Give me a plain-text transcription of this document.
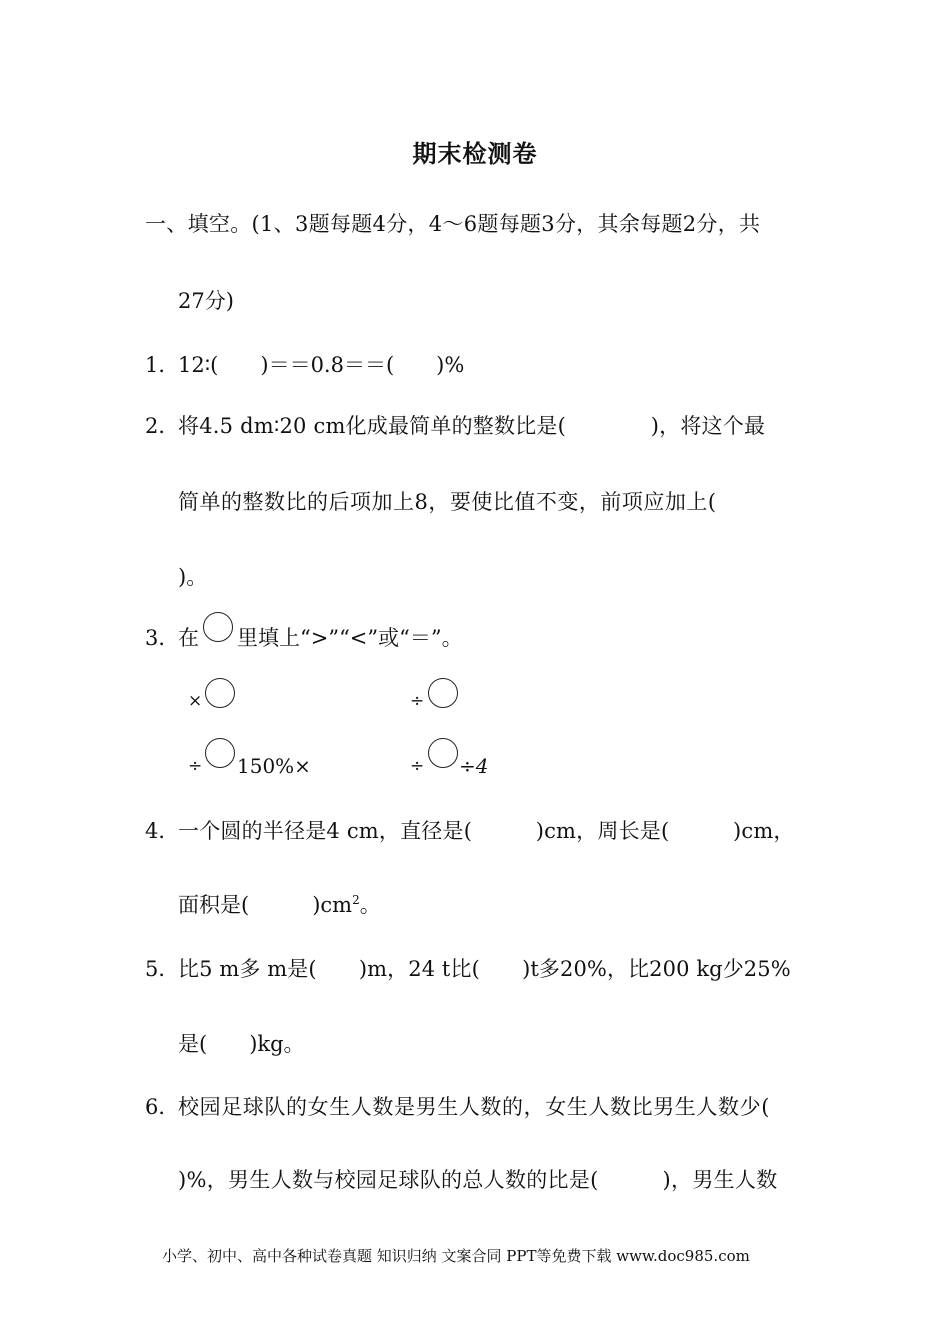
期末检测卷
一、填空。(1、3题每题4分，4～6题每题3分，其余每题2分，共
27分)
1．
12∶(　　)＝＝0.8＝＝(　　)%
2．
将4.5 dm∶20 cm化成最简单的整数比是(　　　　)，将这个最
简单的整数比的后项加上8，要使比值不变，前项应加上(
)。
3．
在 里填上“>”“<”或“＝”。
×	÷
÷ 150%×	÷ ÷4
4．
一个圆的半径是4 cm，直径是(　　　)cm，周长是(　　　)cm，
面积是(　　　)$cm^2$。
5．
比5 m多 m是(　　)m，24 t比(　　)t多20%，比200 kg少25%
是(　　)kg。
6．
校园足球队的女生人数是男生人数的，女生人数比男生人数少(
)%，男生人数与校园足球队的总人数的比是(　　　)，男生人数
小学、初中、高中各种试卷真题 知识归纳 文案合同 PPT等免费下载 www.doc985.com
